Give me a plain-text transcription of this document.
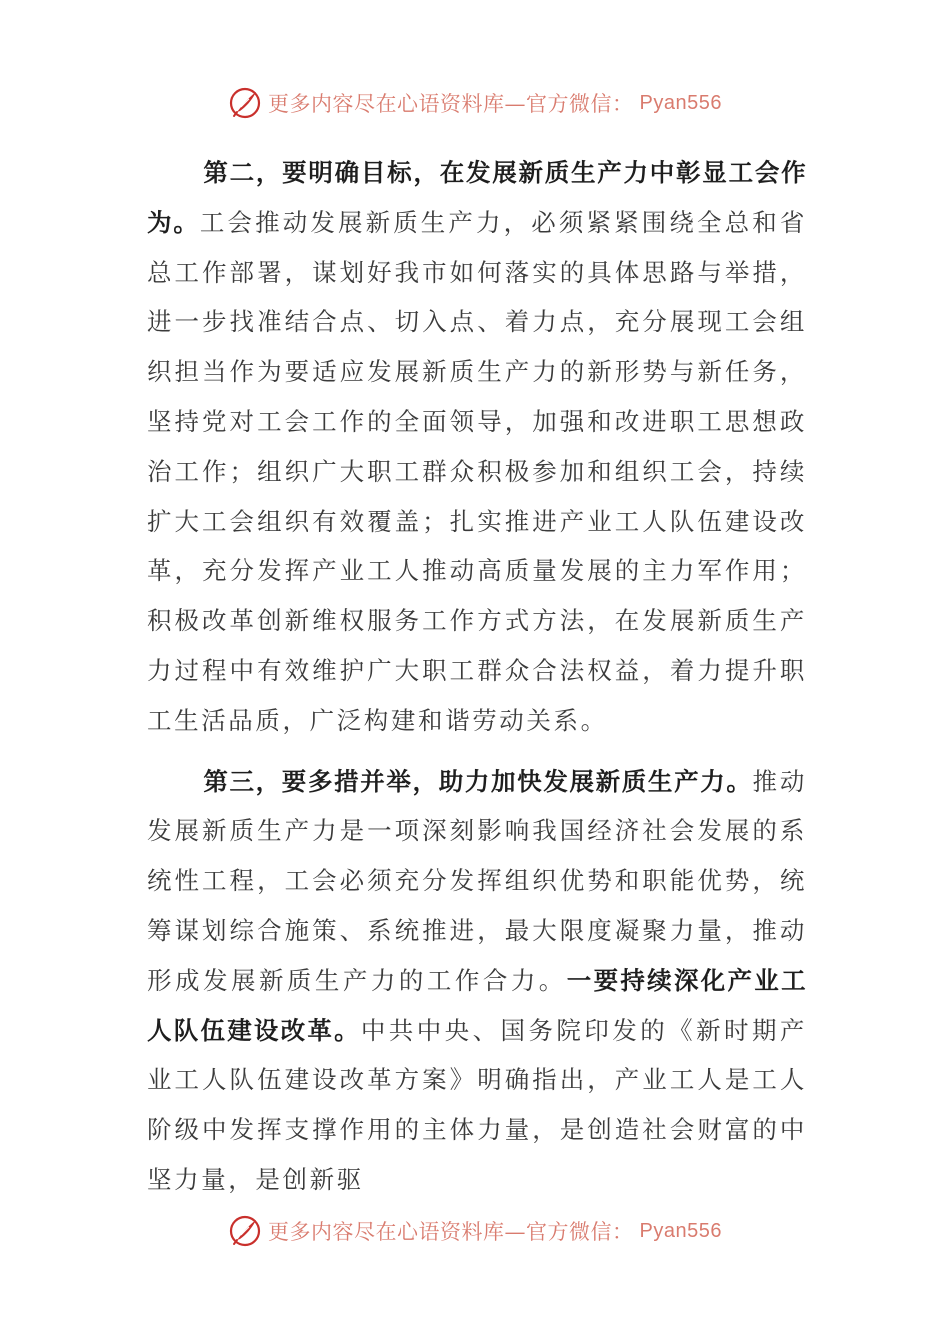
更多内容尽在心语资料库—官方微信： Pyan556

第二，要明确目标，在发展新质生产力中彰显工会作为。工会推动发展新质生产力，必须紧紧围绕全总和省总工作部署，谋划好我市如何落实的具体思路与举措，进一步找准结合点、切入点、着力点，充分展现工会组织担当作为要适应发展新质生产力的新形势与新任务，坚持党对工会工作的全面领导，加强和改进职工思想政治工作；组织广大职工群众积极参加和组织工会，持续扩大工会组织有效覆盖；扎实推进产业工人队伍建设改革，充分发挥产业工人推动高质量发展的主力军作用；积极改革创新维权服务工作方式方法，在发展新质生产力过程中有效维护广大职工群众合法权益，着力提升职工生活品质，广泛构建和谐劳动关系。

第三，要多措并举，助力加快发展新质生产力。推动发展新质生产力是一项深刻影响我国经济社会发展的系统性工程，工会必须充分发挥组织优势和职能优势，统筹谋划综合施策、系统推进，最大限度凝聚力量，推动形成发展新质生产力的工作合力。一要持续深化产业工人队伍建设改革。中共中央、国务院印发的《新时期产业工人队伍建设改革方案》明确指出，产业工人是工人阶级中发挥支撑作用的主体力量，是创造社会财富的中坚力量，是创新驱

更多内容尽在心语资料库—官方微信： Pyan556
